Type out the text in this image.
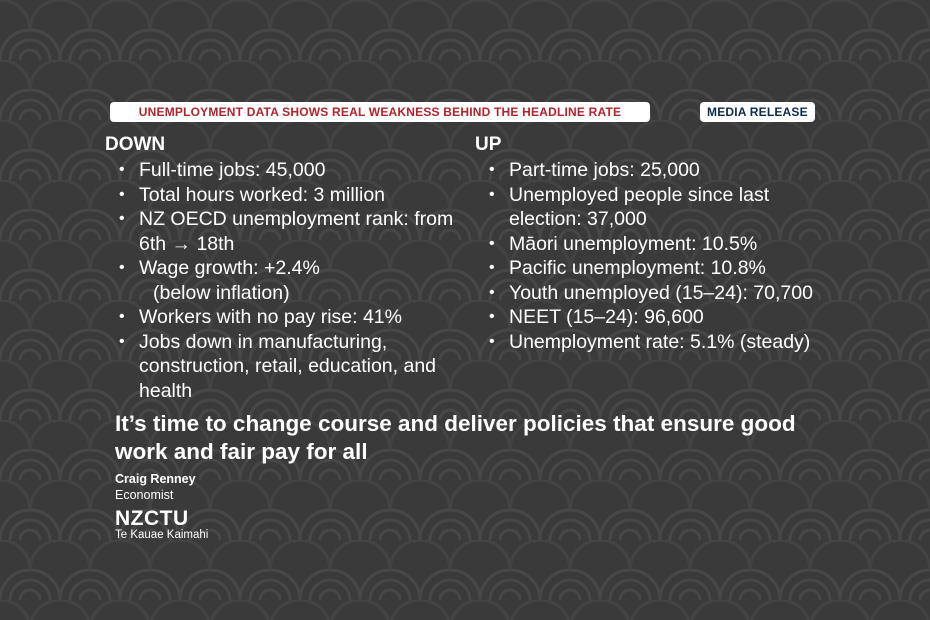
UNEMPLOYMENT DATA SHOWS REAL WEAKNESS BEHIND THE HEADLINE RATE	MEDIA RELEASE
DOWN
• Full-time jobs: 45,000
• Total hours worked: 3 million
• NZ OECD unemployment rank: from 6th → 18th
• Wage growth: +2.4%
(below inflation)
• Workers with no pay rise: 41%
• Jobs down in manufacturing, construction, retail, education, and health
UP
• Part-time jobs: 25,000
• Unemployed people since last election: 37,000
• Māori unemployment: 10.5%
• Pacific unemployment: 10.8%
• Youth unemployed (15–24): 70,700
• NEET (15–24): 96,600
• Unemployment rate: 5.1% (steady)

It’s time to change course and deliver policies that ensure good work and fair pay for all

Craig Renney
Economist
NZCTU
Te Kauae Kaimahi
